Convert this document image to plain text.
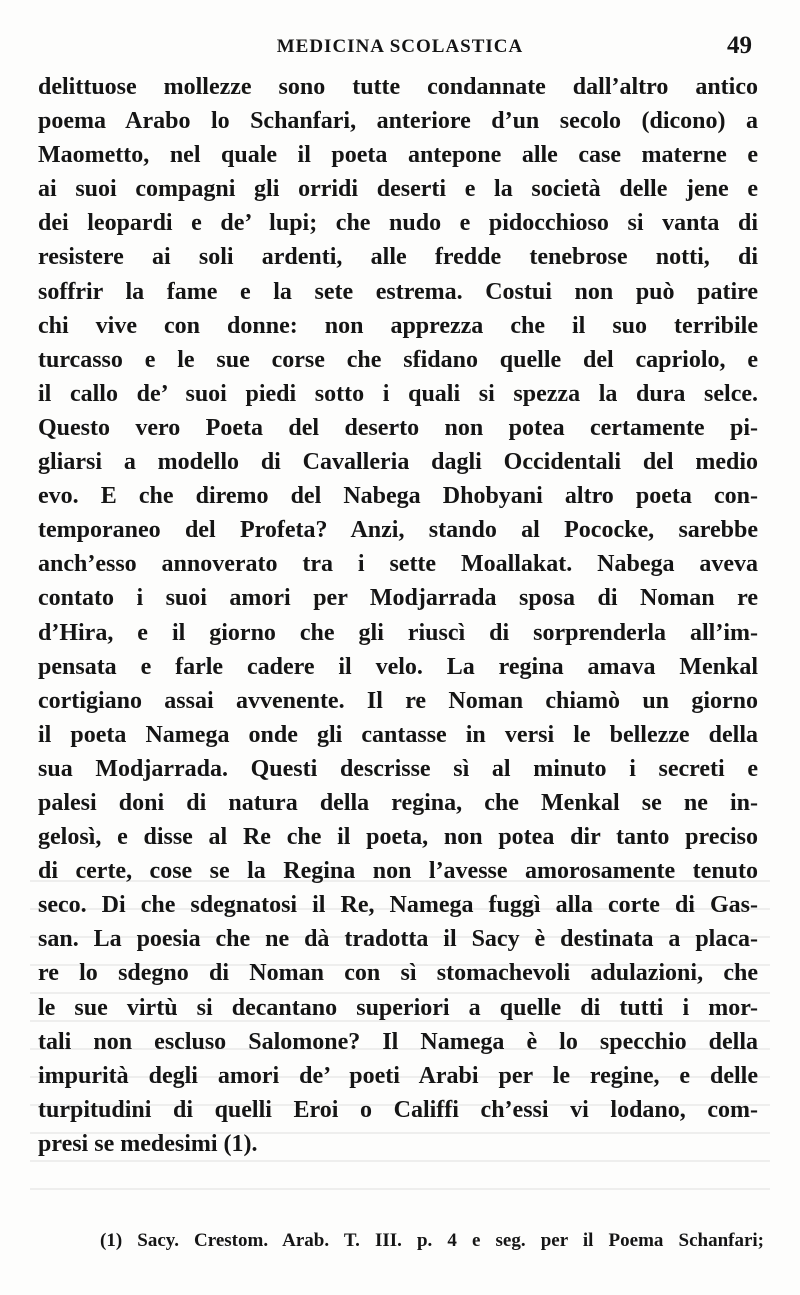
MEDICINA SCOLASTICA	49
delittuose mollezze sono tutte condannate dall’altro antico
poema Arabo lo Schanfari, anteriore d’un secolo (dicono) a
Maometto, nel quale il poeta antepone alle case materne e
ai suoi compagni gli orridi deserti e la società delle jene e
dei leopardi e de’ lupi; che nudo e pidocchioso si vanta di
resistere ai soli ardenti, alle fredde tenebrose notti, di
soffrir la fame e la sete estrema. Costui non può patire
chi vive con donne: non apprezza che il suo terribile
turcasso e le sue corse che sfidano quelle del capriolo, e
il callo de’ suoi piedi sotto i quali si spezza la dura selce.
Questo vero Poeta del deserto non potea certamente pi-
gliarsi a modello di Cavalleria dagli Occidentali del medio
evo. E che diremo del Nabega Dhobyani altro poeta con-
temporaneo del Profeta? Anzi, stando al Pococke, sarebbe
anch’esso annoverato tra i sette Moallakat. Nabega aveva
contato i suoi amori per Modjarrada sposa di Noman re
d’Hira, e il giorno che gli riuscì di sorprenderla all’im-
pensata e farle cadere il velo. La regina amava Menkal
cortigiano assai avvenente. Il re Noman chiamò un giorno
il poeta Namega onde gli cantasse in versi le bellezze della
sua Modjarrada. Questi descrisse sì al minuto i secreti e
palesi doni di natura della regina, che Menkal se ne in-
gelosì, e disse al Re che il poeta, non potea dir tanto preciso
di certe, cose se la Regina non l’avesse amorosamente tenuto
seco. Di che sdegnatosi il Re, Namega fuggì alla corte di Gas-
san. La poesia che ne dà tradotta il Sacy è destinata a placa-
re lo sdegno di Noman con sì stomachevoli adulazioni, che
le sue virtù si decantano superiori a quelle di tutti i mor-
tali non escluso Salomone? Il Namega è lo specchio della
impurità degli amori de’ poeti Arabi per le regine, e delle
turpitudini di quelli Eroi o Califfi ch’essi vi lodano, com-
presi se medesimi (1).
(1) Sacy. Crestom. Arab. T. III. p. 4 e seg. per il Poema Schanfari;
